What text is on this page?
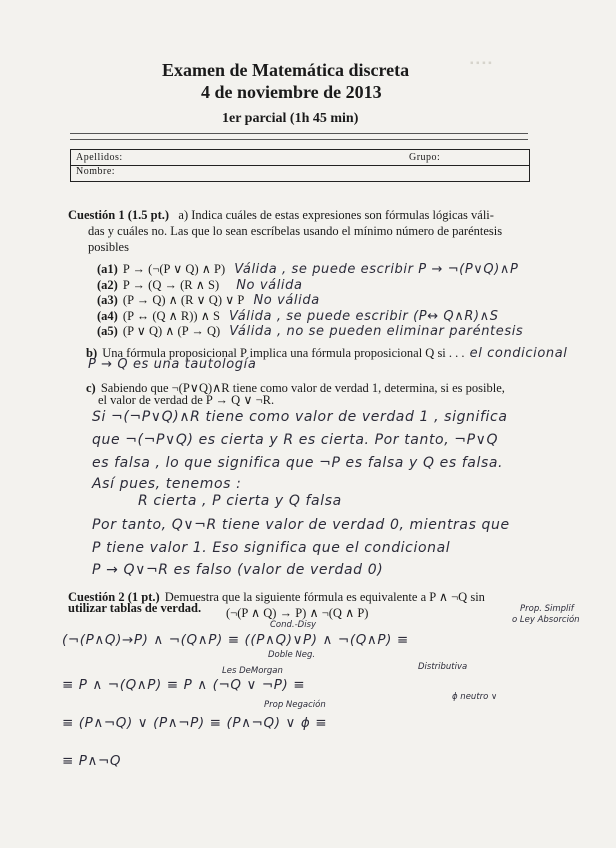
▪ ▪ ▪ ▪
Examen de Matemática discreta
4 de noviembre de 2013
1er parcial (1h 45 min)
Apellidos:	Grupo:
Nombre:
Cuestión 1 (1.5 pt.) a) Indica cuáles de estas expresiones son fórmulas lógicas váli-
das y cuáles no. Las que lo sean escríbelas usando el mínimo número de paréntesis
posibles
(a1) P → (¬(P ∨ Q) ∧ P) Válida , se puede escribir P → ¬(P∨Q)∧P
(a2) P → (Q → (R ∧ S) No válida
(a3) (P → Q) ∧ (R ∨ Q) ∨ P No válida
(a4) (P ↔ (Q ∧ R)) ∧ S Válida , se puede escribir (P↔ Q∧R)∧S
(a5) (P ∨ Q) ∧ (P → Q) Válida , no se pueden eliminar paréntesis
b) Una fórmula proposicional P implica una fórmula proposicional Q si . . . el condicional
P → Q es una tautología
c) Sabiendo que ¬(P∨Q)∧R tiene como valor de verdad 1, determina, si es posible,
el valor de verdad de P → Q ∨ ¬R.
Si ¬(¬P∨Q)∧R tiene como valor de verdad 1 , significa
que ¬(¬P∨Q) es cierta y R es cierta. Por tanto, ¬P∨Q
es falsa , lo que significa que ¬P es falsa y Q es falsa.
Así pues, tenemos :
R cierta , P cierta y Q falsa
Por tanto, Q∨¬R tiene valor de verdad 0, mientras que
P tiene valor 1. Eso significa que el condicional
P → Q∨¬R es falso (valor de verdad 0)
Cuestión 2 (1 pt.) Demuestra que la siguiente fórmula es equivalente a P ∧ ¬Q sin
utilizar tablas de verdad. (¬(P ∧ Q) → P) ∧ ¬(Q ∧ P)	Prop. Simplif
o Ley Absorción
Cond.-Disy
Doble Neg.
Les DeMorgan	Distributiva
ϕ neutro ∨
Prop Negación
(¬(P∧Q)→P) ∧ ¬(Q∧P) ≡ ((P∧Q)∨P) ∧ ¬(Q∧P) ≡
≡ P ∧ ¬(Q∧P) ≡ P ∧ (¬Q ∨ ¬P) ≡
≡ (P∧¬Q) ∨ (P∧¬P) ≡ (P∧¬Q) ∨ ϕ ≡
≡ P∧¬Q
